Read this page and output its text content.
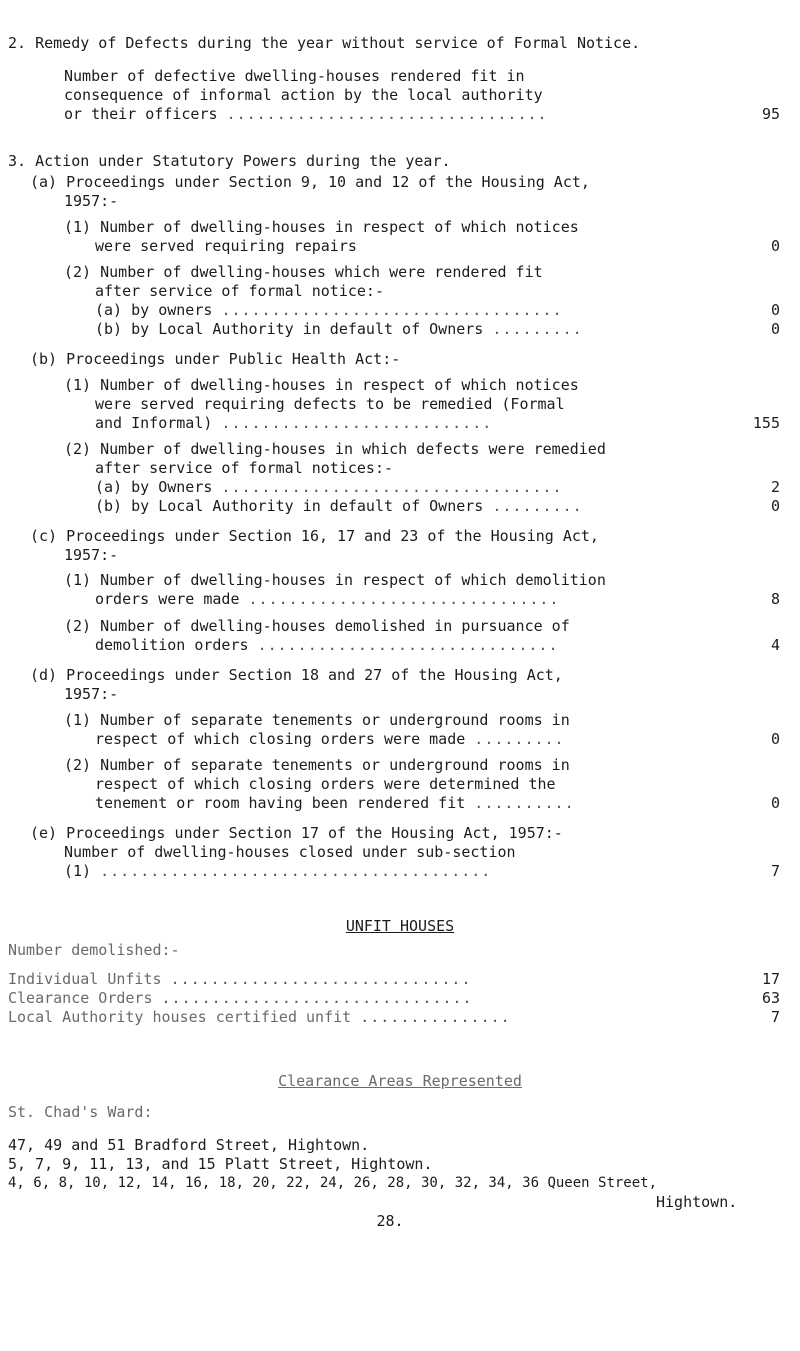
2. Remedy of Defects during the year without service of Formal Notice.
Number of defective dwelling-houses rendered fit in
consequence of informal action by the local authority
or their officers ................................	95
3. Action under Statutory Powers during the year.
(a) Proceedings under Section 9, 10 and 12 of the Housing Act,
1957:-
(1) Number of dwelling-houses in respect of which notices
were served requiring repairs	0
(2) Number of dwelling-houses which were rendered fit
after service of formal notice:-
(a) by owners ..................................	0
(b) by Local Authority in default of Owners .........	0
(b) Proceedings under Public Health Act:-
(1) Number of dwelling-houses in respect of which notices
were served requiring defects to be remedied (Formal
and Informal) ...........................	155
(2) Number of dwelling-houses in which defects were remedied
after service of formal notices:-
(a) by Owners ..................................	2
(b) by Local Authority in default of Owners .........	0
(c) Proceedings under Section 16, 17 and 23 of the Housing Act,
1957:-
(1) Number of dwelling-houses in respect of which demolition
orders were made ...............................	8
(2) Number of dwelling-houses demolished in pursuance of
demolition orders ..............................	4
(d) Proceedings under Section 18 and 27 of the Housing Act,
1957:-
(1) Number of separate tenements or underground rooms in
respect of which closing orders were made .........	0
(2) Number of separate tenements or underground rooms in
respect of which closing orders were determined the
tenement or room having been rendered fit ..........	0
(e) Proceedings under Section 17 of the Housing Act, 1957:-
Number of dwelling-houses closed under sub-section
(1) .......................................	7
UNFIT HOUSES
Number demolished:-
Individual Unfits ..............................	17
Clearance Orders ...............................	63
Local Authority houses certified unfit ...............	7
Clearance Areas Represented
St. Chad's Ward:
47, 49 and 51 Bradford Street, Hightown.
5, 7, 9, 11, 13, and 15 Platt Street, Hightown.
4, 6, 8, 10, 12, 14, 16, 18, 20, 22, 24, 26, 28, 30, 32, 34, 36 Queen Street,
Hightown.
28.
